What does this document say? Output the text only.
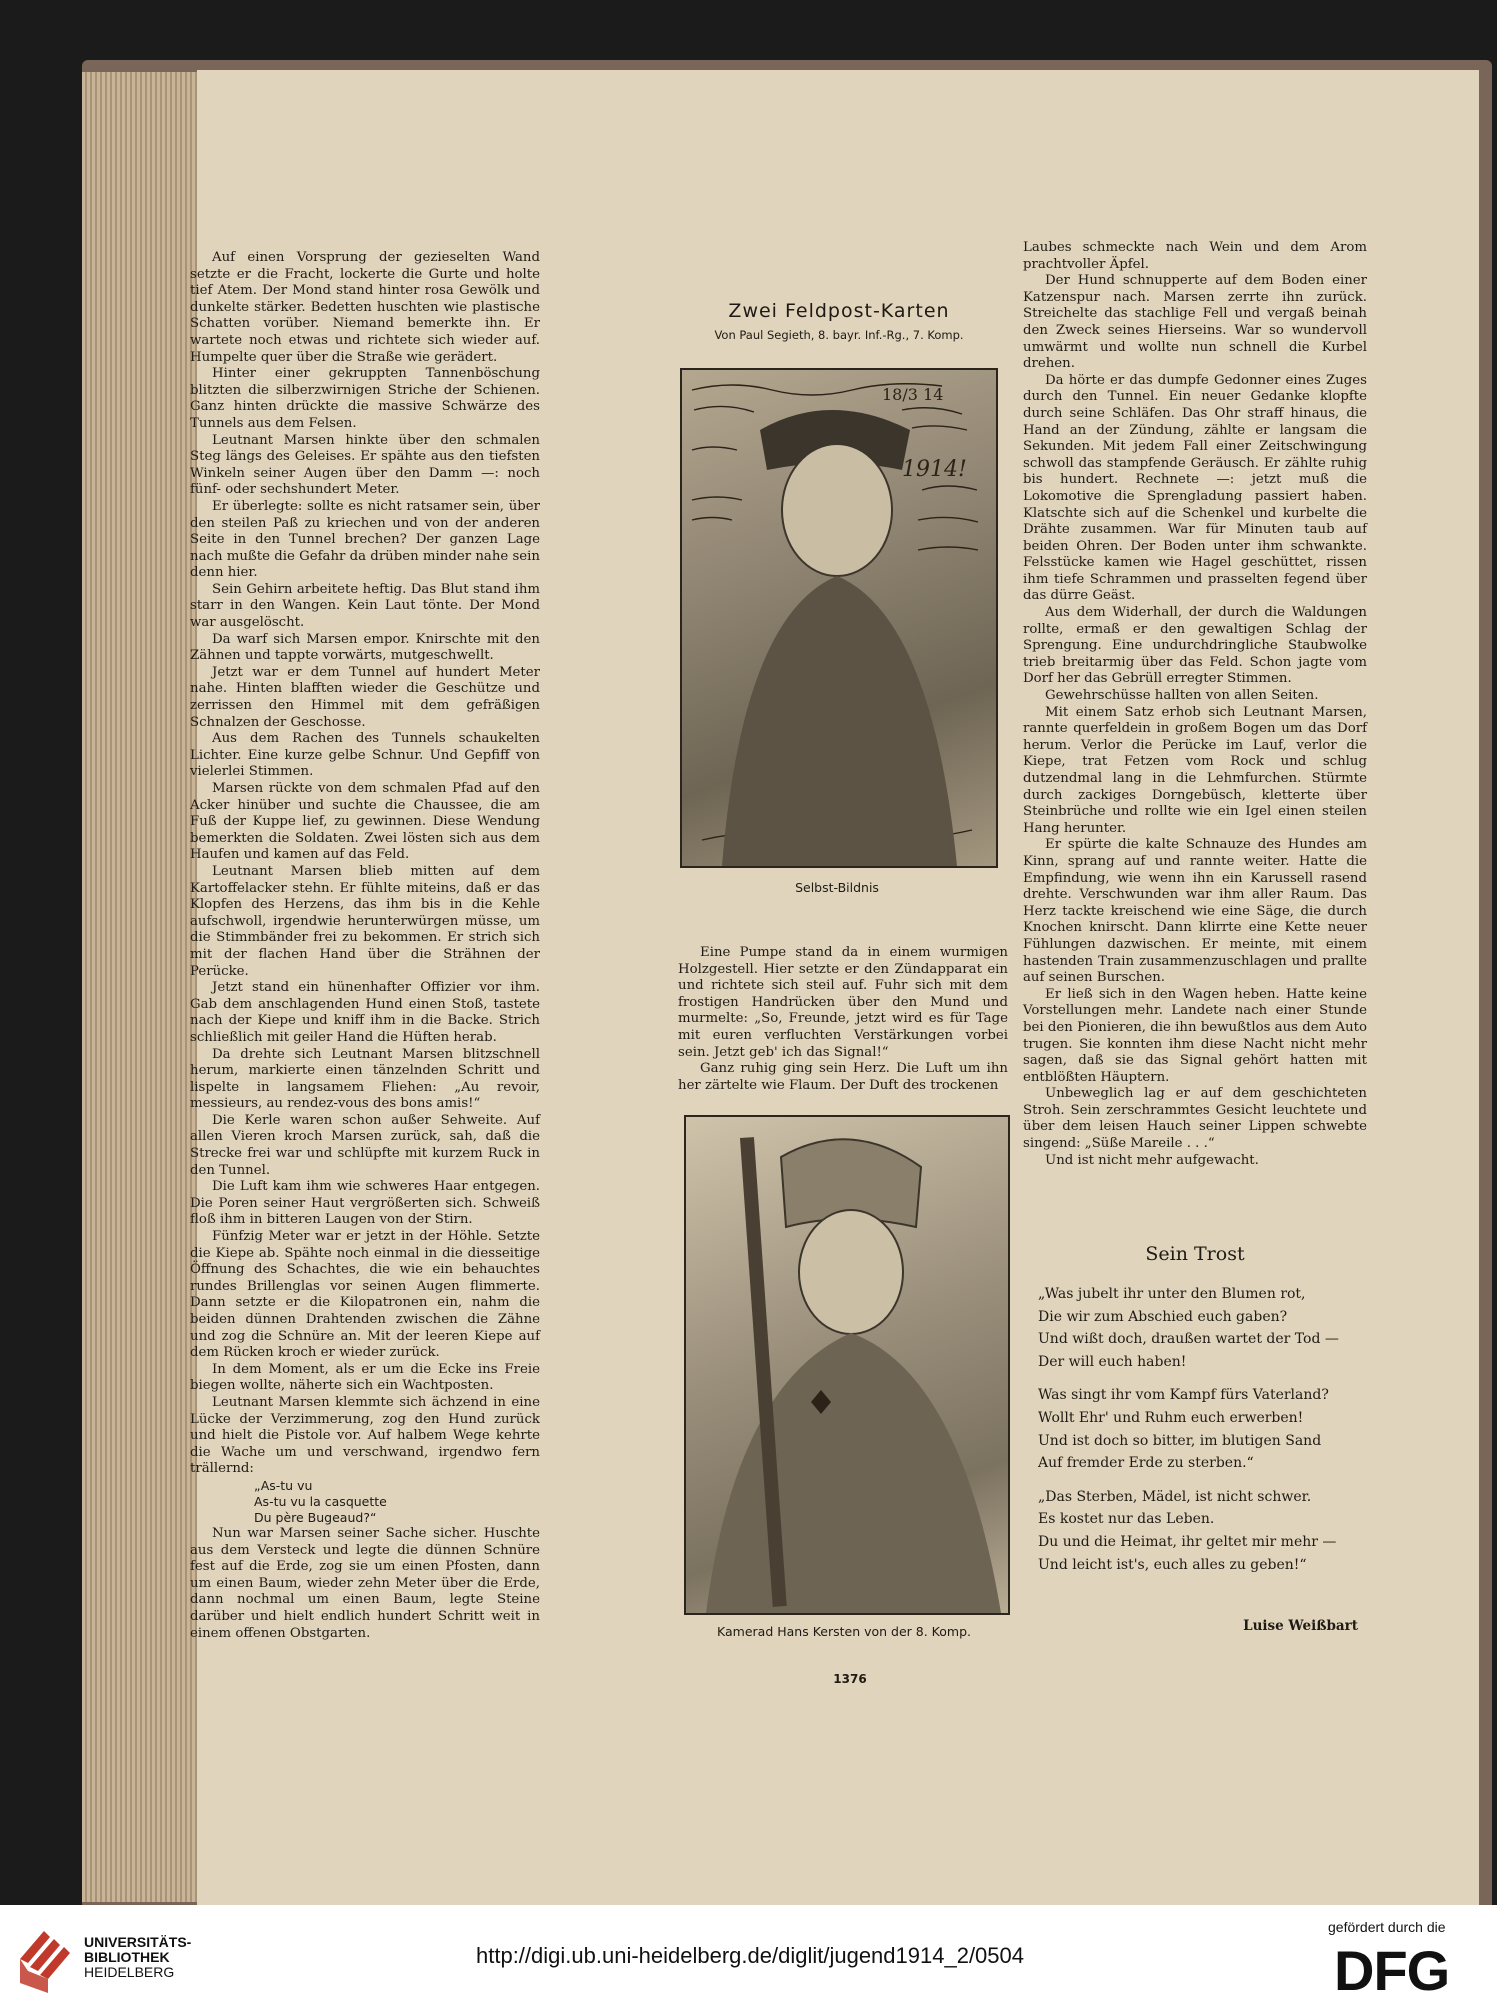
Auf einen Vorsprung der gezieselten Wand setzte er die Fracht, lockerte die Gurte und holte tief Atem. Der Mond stand hinter rosa Gewölk und dunkelte stärker. Bedetten huschten wie plastische Schatten vorüber. Niemand bemerkte ihn. Er wartete noch etwas und richtete sich wieder auf. Humpelte quer über die Straße wie gerädert.

Hinter einer gekruppten Tannenböschung blitzten die silberzwirnigen Striche der Schienen. Ganz hinten drückte die massive Schwärze des Tunnels aus dem Felsen.

Leutnant Marsen hinkte über den schmalen Steg längs des Geleises. Er spähte aus den tiefsten Winkeln seiner Augen über den Damm —: noch fünf- oder sechshundert Meter.

Er überlegte: sollte es nicht ratsamer sein, über den steilen Paß zu kriechen und von der anderen Seite in den Tunnel brechen? Der ganzen Lage nach mußte die Gefahr da drüben minder nahe sein denn hier.

Sein Gehirn arbeitete heftig. Das Blut stand ihm starr in den Wangen. Kein Laut tönte. Der Mond war ausgelöscht.

Da warf sich Marsen empor. Knirschte mit den Zähnen und tappte vorwärts, mutgeschwellt.

Jetzt war er dem Tunnel auf hundert Meter nahe. Hinten blafften wieder die Geschütze und zerrissen den Himmel mit dem gefräßigen Schnalzen der Geschosse.

Aus dem Rachen des Tunnels schaukelten Lichter. Eine kurze gelbe Schnur. Und Gepfiff von vielerlei Stimmen.

Marsen rückte von dem schmalen Pfad auf den Acker hinüber und suchte die Chaussee, die am Fuß der Kuppe lief, zu gewinnen. Diese Wendung bemerkten die Soldaten. Zwei lösten sich aus dem Haufen und kamen auf das Feld.

Leutnant Marsen blieb mitten auf dem Kartoffelacker stehn. Er fühlte miteins, daß er das Klopfen des Herzens, das ihm bis in die Kehle aufschwoll, irgendwie herunterwürgen müsse, um die Stimmbänder frei zu bekommen. Er strich sich mit der flachen Hand über die Strähnen der Perücke.

Jetzt stand ein hünenhafter Offizier vor ihm. Gab dem anschlagenden Hund einen Stoß, tastete nach der Kiepe und kniff ihm in die Backe. Strich schließlich mit geiler Hand die Hüften herab.

Da drehte sich Leutnant Marsen blitzschnell herum, markierte einen tänzelnden Schritt und lispelte in langsamem Fliehen: „Au revoir, messieurs, au rendez-vous des bons amis!“

Die Kerle waren schon außer Sehweite. Auf allen Vieren kroch Marsen zurück, sah, daß die Strecke frei war und schlüpfte mit kurzem Ruck in den Tunnel.

Die Luft kam ihm wie schweres Haar entgegen. Die Poren seiner Haut vergrößerten sich. Schweiß floß ihm in bitteren Laugen von der Stirn.

Fünfzig Meter war er jetzt in der Höhle. Setzte die Kiepe ab. Spähte noch einmal in die diesseitige Öffnung des Schachtes, die wie ein behauchtes rundes Brillenglas vor seinen Augen flimmerte. Dann setzte er die Kilopatronen ein, nahm die beiden dünnen Drahtenden zwischen die Zähne und zog die Schnüre an. Mit der leeren Kiepe auf dem Rücken kroch er wieder zurück.

In dem Moment, als er um die Ecke ins Freie biegen wollte, näherte sich ein Wachtposten.

Leutnant Marsen klemmte sich ächzend in eine Lücke der Verzimmerung, zog den Hund zurück und hielt die Pistole vor. Auf halbem Wege kehrte die Wache um und verschwand, irgendwo fern trällernd:

„As-tu vu

As-tu vu la casquette

Du père Bugeaud?“

Nun war Marsen seiner Sache sicher. Huschte aus dem Versteck und legte die dünnen Schnüre fest auf die Erde, zog sie um einen Pfosten, dann um einen Baum, wieder zehn Meter über die Erde, dann nochmal um einen Baum, legte Steine darüber und hielt endlich hundert Schritt weit in einem offenen Obstgarten.

Zwei Feldpost-Karten
Von Paul Segieth, 8. bayr. Inf.-Rg., 7. Komp.
18/3 14
1914!
Selbst-Bildnis

Eine Pumpe stand da in einem wurmigen Holzgestell. Hier setzte er den Zündapparat ein und richtete sich steil auf. Fuhr sich mit dem frostigen Handrücken über den Mund und murmelte: „So, Freunde, jetzt wird es für Tage mit euren verfluchten Verstärkungen vorbei sein. Jetzt geb' ich das Signal!“

Ganz ruhig ging sein Herz. Die Luft um ihn her zärtelte wie Flaum. Der Duft des trockenen

Kamerad Hans Kersten von der 8. Komp.

Laubes schmeckte nach Wein und dem Arom prachtvoller Äpfel.

Der Hund schnupperte auf dem Boden einer Katzenspur nach. Marsen zerrte ihn zurück. Streichelte das stachlige Fell und vergaß beinah den Zweck seines Hierseins. War so wundervoll umwärmt und wollte nun schnell die Kurbel drehen.

Da hörte er das dumpfe Gedonner eines Zuges durch den Tunnel. Ein neuer Gedanke klopfte durch seine Schläfen. Das Ohr straff hinaus, die Hand an der Zündung, zählte er langsam die Sekunden. Mit jedem Fall einer Zeitschwingung schwoll das stampfende Geräusch. Er zählte ruhig bis hundert. Rechnete —: jetzt muß die Lokomotive die Sprengladung passiert haben. Klatschte sich auf die Schenkel und kurbelte die Drähte zusammen. War für Minuten taub auf beiden Ohren. Der Boden unter ihm schwankte. Felsstücke kamen wie Hagel geschüttet, rissen ihm tiefe Schrammen und prasselten fegend über das dürre Geäst.

Aus dem Widerhall, der durch die Waldungen rollte, ermaß er den gewaltigen Schlag der Sprengung. Eine undurchdringliche Staubwolke trieb breitarmig über das Feld. Schon jagte vom Dorf her das Gebrüll erregter Stimmen.

Gewehrschüsse hallten von allen Seiten.

Mit einem Satz erhob sich Leutnant Marsen, rannte querfeldein in großem Bogen um das Dorf herum. Verlor die Perücke im Lauf, verlor die Kiepe, trat Fetzen vom Rock und schlug dutzendmal lang in die Lehmfurchen. Stürmte durch zackiges Dorngebüsch, kletterte über Steinbrüche und rollte wie ein Igel einen steilen Hang herunter.

Er spürte die kalte Schnauze des Hundes am Kinn, sprang auf und rannte weiter. Hatte die Empfindung, wie wenn ihn ein Karussell rasend drehte. Verschwunden war ihm aller Raum. Das Herz tackte kreischend wie eine Säge, die durch Knochen knirscht. Dann klirrte eine Kette neuer Fühlungen dazwischen. Er meinte, mit einem hastenden Train zusammenzuschlagen und prallte auf seinen Burschen.

Er ließ sich in den Wagen heben. Hatte keine Vorstellungen mehr. Landete nach einer Stunde bei den Pionieren, die ihn bewußtlos aus dem Auto trugen. Sie konnten ihm diese Nacht nicht mehr sagen, daß sie das Signal gehört hatten mit entblößten Häuptern.

Unbeweglich lag er auf dem geschichteten Stroh. Sein zerschrammtes Gesicht leuchtete und über dem leisen Hauch seiner Lippen schwebte singend: „Süße Mareile . . .“

Und ist nicht mehr aufgewacht.

Sein Trost
„Was jubelt ihr unter den Blumen rot,
Die wir zum Abschied euch gaben?
Und wißt doch, draußen wartet der Tod —
Der will euch haben!
Was singt ihr vom Kampf fürs Vaterland?
Wollt Ehr' und Ruhm euch erwerben!
Und ist doch so bitter, im blutigen Sand
Auf fremder Erde zu sterben.“
„Das Sterben, Mädel, ist nicht schwer.
Es kostet nur das Leben.
Du und die Heimat, ihr geltet mir mehr —
Und leicht ist's, euch alles zu geben!“
Luise Weißbart
1376
UNIVERSITÄTS-
BIBLIOTHEK
HEIDELBERG
http://digi.ub.uni-heidelberg.de/diglit/jugend1914_2/0504
gefördert durch die
DFG
